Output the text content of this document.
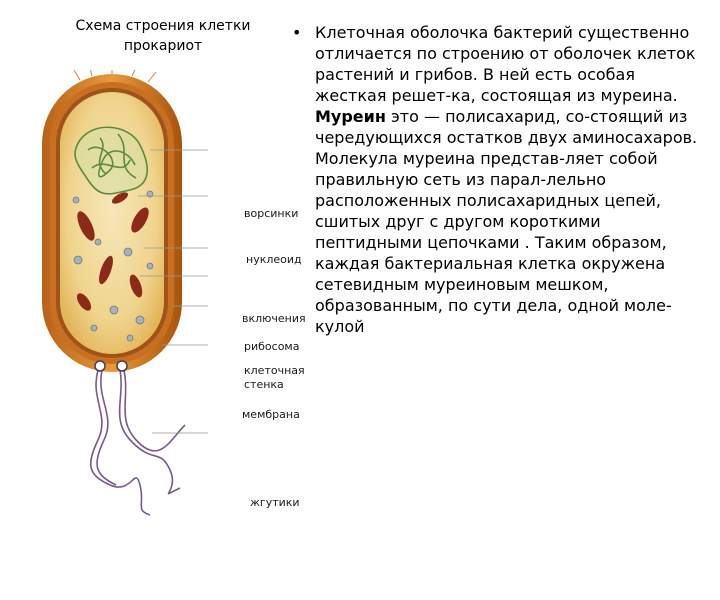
Схема строения клетки
прокариот
ворсинки
нуклеоид
включения
рибосома
клеточная
стенка
мембрана
жгутики
• Клеточная оболочка бактерий существенно отличается по строению от оболочек клеток растений и грибов. В ней есть особая жесткая решет-ка, состоящая из муреина. Муреин это — полисахарид, со-стоящий из чередующихся остатков двух аминосахаров. Молекула муреина представ-ляет собой правильную сеть из парал-лельно расположенных полисахаридных цепей, сшитых друг с другом короткими пептидными цепочками . Таким образом, каждая бактериальная клетка окружена сетевидным муреиновым мешком, образованным, по сути дела, одной моле-кулой
